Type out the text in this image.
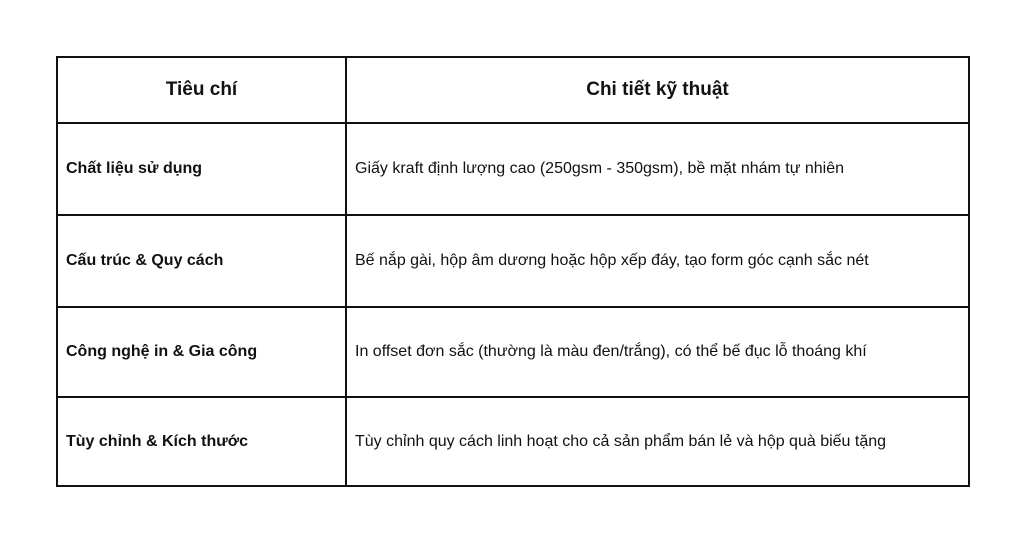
Tiêu chí	Chi tiết kỹ thuật
Chất liệu sử dụng	Giấy kraft định lượng cao (250gsm - 350gsm), bề mặt nhám tự nhiên
Cấu trúc & Quy cách	Bế nắp gài, hộp âm dương hoặc hộp xếp đáy, tạo form góc cạnh sắc nét
Công nghệ in & Gia công	In offset đơn sắc (thường là màu đen/trắng), có thể bế đục lỗ thoáng khí
Tùy chỉnh & Kích thước	Tùy chỉnh quy cách linh hoạt cho cả sản phẩm bán lẻ và hộp quà biếu tặng
